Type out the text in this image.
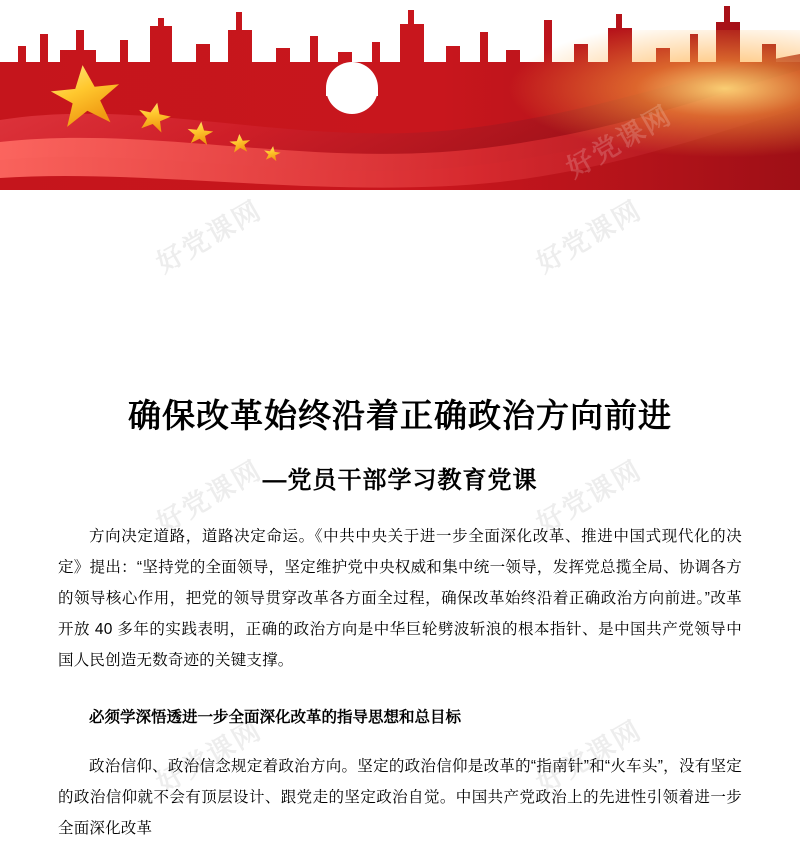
确保改革始终沿着正确政治方向前进
—党员干部学习教育党课

方向决定道路，道路决定命运。《中共中央关于进一步全面深化改革、推进中国式现代化的决定》提出：“坚持党的全面领导，坚定维护党中央权威和集中统一领导，发挥党总揽全局、协调各方的领导核心作用，把党的领导贯穿改革各方面全过程，确保改革始终沿着正确政治方向前进。”改革开放 40 多年的实践表明，正确的政治方向是中华巨轮劈波斩浪的根本指针、是中国共产党领导中国人民创造无数奇迹的关键支撑。

必须学深悟透进一步全面深化改革的指导思想和总目标

政治信仰、政治信念规定着政治方向。坚定的政治信仰是改革的“指南针”和“火车头”，没有坚定的政治信仰就不会有顶层设计、跟党走的坚定政治自觉。中国共产党政治上的先进性引领着进一步全面深化改革

好党课网	好党课网
好党课网	好党课网
好党课网	好党课网
